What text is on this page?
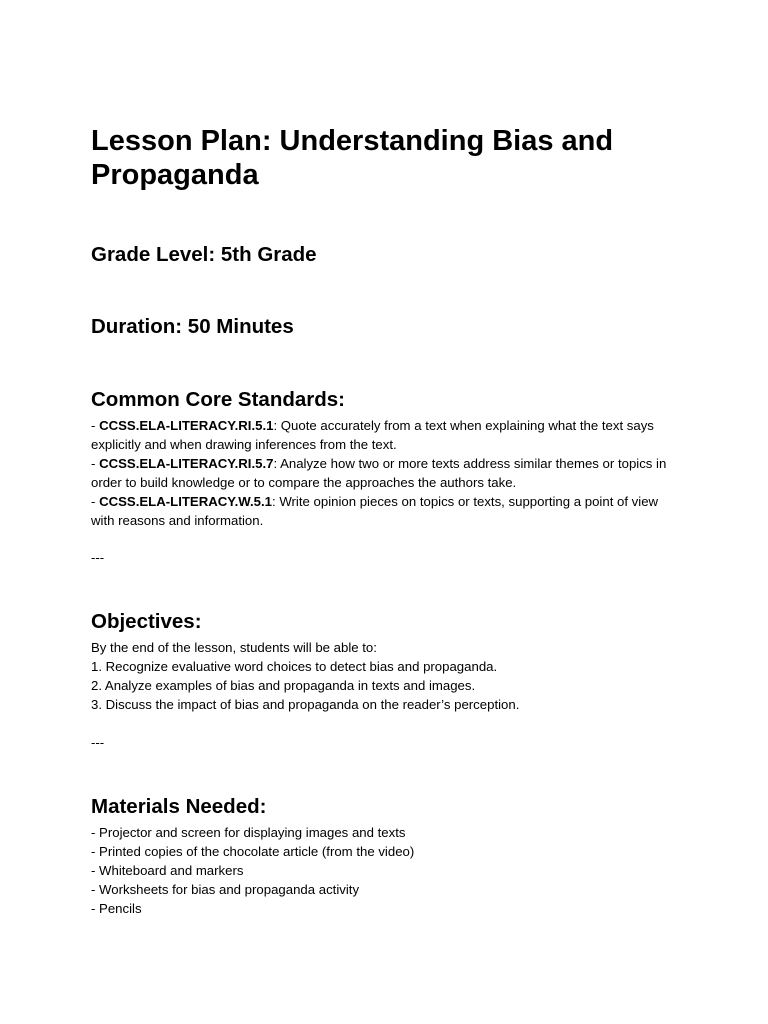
Lesson Plan: Understanding Bias and Propaganda
Grade Level: 5th Grade
Duration: 50 Minutes
Common Core Standards:
- CCSS.ELA-LITERACY.RI.5.1: Quote accurately from a text when explaining what the text says explicitly and when drawing inferences from the text.
- CCSS.ELA-LITERACY.RI.5.7: Analyze how two or more texts address similar themes or topics in order to build knowledge or to compare the approaches the authors take.
- CCSS.ELA-LITERACY.W.5.1: Write opinion pieces on topics or texts, supporting a point of view with reasons and information.
---
Objectives:
By the end of the lesson, students will be able to:
1. Recognize evaluative word choices to detect bias and propaganda.
2. Analyze examples of bias and propaganda in texts and images.
3. Discuss the impact of bias and propaganda on the reader’s perception.
---
Materials Needed:
- Projector and screen for displaying images and texts
- Printed copies of the chocolate article (from the video)
- Whiteboard and markers
- Worksheets for bias and propaganda activity
- Pencils
